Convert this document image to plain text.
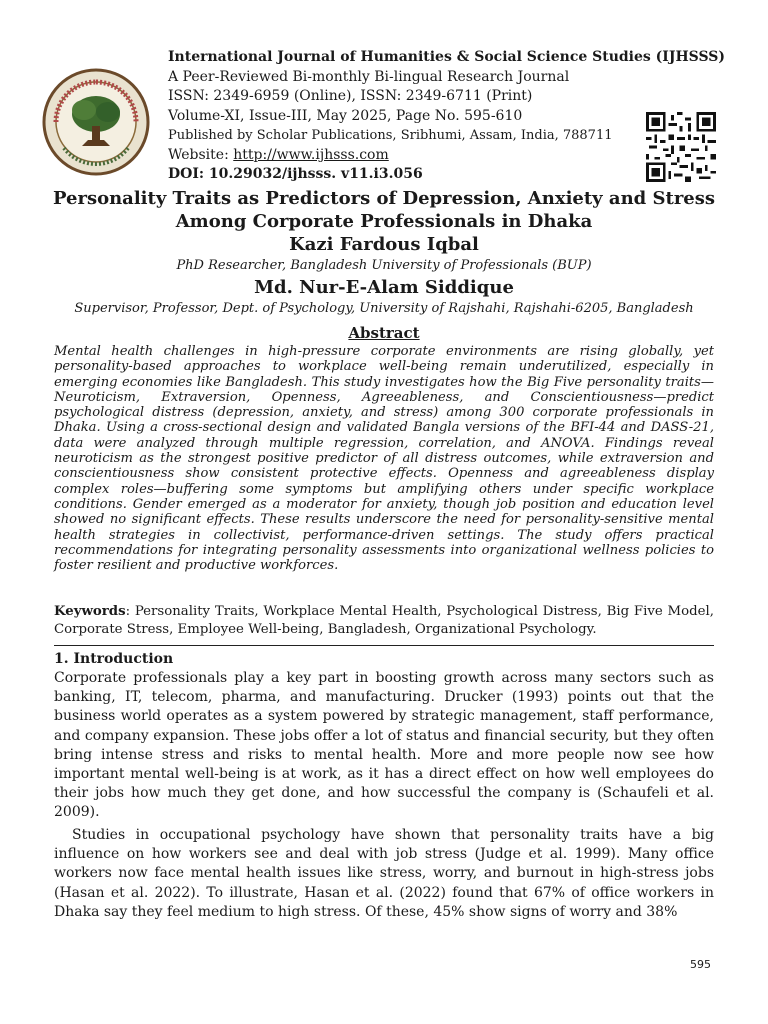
International Journal of Humanities & Social Science Studies (IJHSSS)
A Peer-Reviewed Bi-monthly Bi-lingual Research Journal
ISSN: 2349-6959 (Online), ISSN: 2349-6711 (Print)
Volume-XI, Issue-III, May 2025, Page No. 595-610
Published by Scholar Publications, Sribhumi, Assam, India, 788711
Website: http://www.ijhsss.com
DOI: 10.29032/ijhsss. v11.i3.056
Personality Traits as Predictors of Depression, Anxiety and Stress
Among Corporate Professionals in Dhaka
Kazi Fardous Iqbal
PhD Researcher, Bangladesh University of Professionals (BUP)
Md. Nur-E-Alam Siddique
Supervisor, Professor, Dept. of Psychology, University of Rajshahi, Rajshahi-6205, Bangladesh
Abstract
Mental health challenges in high-pressure corporate environments are rising globally, yet personality-based approaches to workplace well-being remain underutilized, especially in emerging economies like Bangladesh. This study investigates how the Big Five personality traits—Neuroticism, Extraversion, Openness, Agreeableness, and Conscientiousness—predict psychological distress (depression, anxiety, and stress) among 300 corporate professionals in Dhaka. Using a cross-sectional design and validated Bangla versions of the BFI-44 and DASS-21, data were analyzed through multiple regression, correlation, and ANOVA. Findings reveal neuroticism as the strongest positive predictor of all distress outcomes, while extraversion and conscientiousness show consistent protective effects. Openness and agreeableness display complex roles—buffering some symptoms but amplifying others under specific workplace conditions. Gender emerged as a moderator for anxiety, though job position and education level showed no significant effects. These results underscore the need for personality-sensitive mental health strategies in collectivist, performance-driven settings. The study offers practical recommendations for integrating personality assessments into organizational wellness policies to foster resilient and productive workforces.
Keywords: Personality Traits, Workplace Mental Health, Psychological Distress, Big Five Model, Corporate Stress, Employee Well-being, Bangladesh, Organizational Psychology.
1. Introduction
Corporate professionals play a key part in boosting growth across many sectors such as banking, IT, telecom, pharma, and manufacturing. Drucker (1993) points out that the business world operates as a system powered by strategic management, staff performance, and company expansion. These jobs offer a lot of status and financial security, but they often bring intense stress and risks to mental health. More and more people now see how important mental well-being is at work, as it has a direct effect on how well employees do their jobs how much they get done, and how successful the company is (Schaufeli et al. 2009).
Studies in occupational psychology have shown that personality traits have a big influence on how workers see and deal with job stress (Judge et al. 1999). Many office workers now face mental health issues like stress, worry, and burnout in high-stress jobs (Hasan et al. 2022). To illustrate, Hasan et al. (2022) found that 67% of office workers in Dhaka say they feel medium to high stress. Of these, 45% show signs of worry and 38%
595
